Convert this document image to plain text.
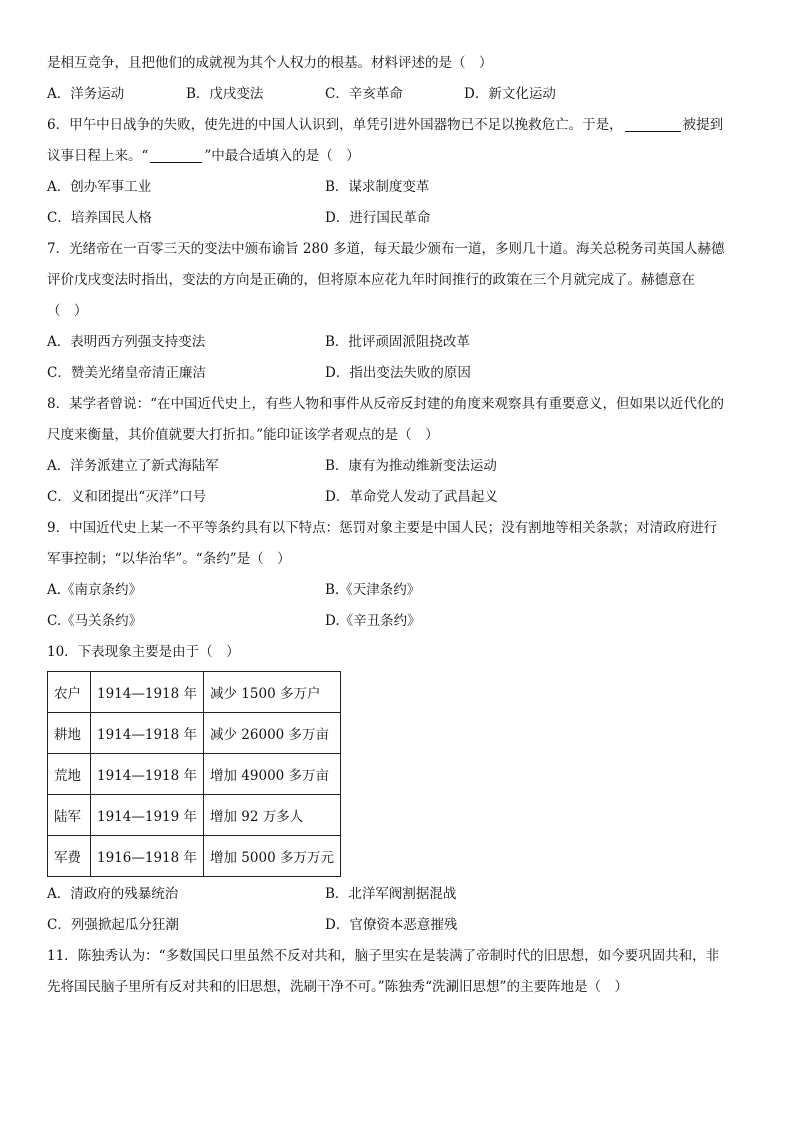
是相互竞争，且把他们的成就视为其个人权力的根基。材料评述的是（　）
A．洋务运动	B．戊戌变法	C．辛亥革命	D．新文化运动
6．甲午中日战争的失败，使先进的中国人认识到，单凭引进外国器物已不足以挽救危亡。于是，	被提到
议事日程上来。“	”中最合适填入的是（　）
A．创办军事工业	B．谋求制度变革
C．培养国民人格	D．进行国民革命
7．光绪帝在一百零三天的变法中颁布谕旨 280 多道，每天最少颁布一道，多则几十道。海关总税务司英国人赫德
评价戊戌变法时指出，变法的方向是正确的，但将原本应花九年时间推行的政策在三个月就完成了。赫德意在
（　）
A．表明西方列强支持变法	B．批评顽固派阻挠改革
C．赞美光绪皇帝清正廉洁	D．指出变法失败的原因
8．某学者曾说：“在中国近代史上，有些人物和事件从反帝反封建的角度来观察具有重要意义，但如果以近代化的
尺度来衡量，其价值就要大打折扣。”能印证该学者观点的是（　）
A．洋务派建立了新式海陆军	B．康有为推动维新变法运动
C．义和团提出“灭洋”口号	D．革命党人发动了武昌起义
9．中国近代史上某一不平等条约具有以下特点：惩罚对象主要是中国人民；没有割地等相关条款；对清政府进行
军事控制；“以华治华”。“条约”是（　）
A.《南京条约》	B.《天津条约》
C.《马关条约》	D.《辛丑条约》
10．下表现象主要是由于（　）
农户	1914—1918 年	减少 1500 多万户
耕地	1914—1918 年	减少 26000 多万亩
荒地	1914—1918 年	增加 49000 多万亩
陆军	1914—1919 年	增加 92 万多人
军费	1916—1918 年	增加 5000 多万万元
A．清政府的残暴统治	B．北洋军阀割据混战
C．列强掀起瓜分狂潮	D．官僚资本恶意摧残
11．陈独秀认为：“多数国民口里虽然不反对共和，脑子里实在是装满了帝制时代的旧思想，如今要巩固共和，非
先将国民脑子里所有反对共和的旧思想，洗刷干净不可。”陈独秀“洗涮旧思想”的主要阵地是（　）
